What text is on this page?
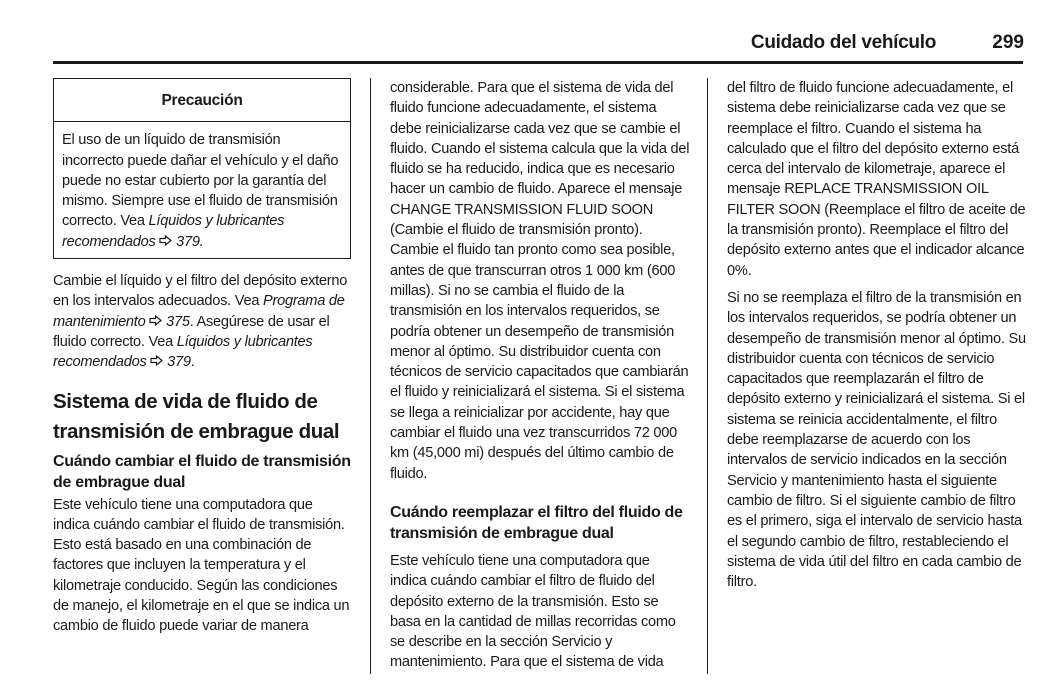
Cuidado del vehículo	299
Precaución
El uso de un líquido de transmisión incorrecto puede dañar el vehículo y el daño puede no estar cubierto por la garantía del mismo. Siempre use el fluido de transmisión correcto. Vea Líquidos y lubricantes recomendados 379.

Cambie el líquido y el filtro del depósito externo en los intervalos adecuados. Vea Programa de mantenimiento 375. Asegúrese de usar el fluido correcto. Vea Líquidos y lubricantes recomendados 379.

Sistema de vida de fluido de transmisión de embrague dual
Cuándo cambiar el fluido de transmisión de embrague dual

Este vehículo tiene una computadora que indica cuándo cambiar el fluido de transmisión. Esto está basado en una combinación de factores que incluyen la temperatura y el kilometraje conducido. Según las condiciones de manejo, el kilometraje en el que se indica un cambio de fluido puede variar de manera

considerable. Para que el sistema de vida del fluido funcione adecuadamente, el sistema debe reinicializarse cada vez que se cambie el fluido. Cuando el sistema calcula que la vida del fluido se ha reducido, indica que es necesario hacer un cambio de fluido. Aparece el mensaje CHANGE TRANSMISSION FLUID SOON (Cambie el fluido de transmisión pronto). Cambie el fluido tan pronto como sea posible, antes de que transcurran otros 1 000 km (600 millas). Si no se cambia el fluido de la transmisión en los intervalos requeridos, se podría obtener un desempeño de transmisión menor al óptimo. Su distribuidor cuenta con técnicos de servicio capacitados que cambiarán el fluido y reinicializará el sistema. Si el sistema se llega a reinicializar por accidente, hay que cambiar el fluido una vez transcurridos 72 000 km (45,000 mi) después del último cambio de fluido.

Cuándo reemplazar el filtro del fluido de transmisión de embrague dual

Este vehículo tiene una computadora que indica cuándo cambiar el filtro de fluido del depósito externo de la transmisión. Esto se basa en la cantidad de millas recorridas como se describe en la sección Servicio y mantenimiento. Para que el sistema de vida

del filtro de fluido funcione adecuadamente, el sistema debe reinicializarse cada vez que se reemplace el filtro. Cuando el sistema ha calculado que el filtro del depósito externo está cerca del intervalo de kilometraje, aparece el mensaje REPLACE TRANSMISSION OIL FILTER SOON (Reemplace el filtro de aceite de la transmisión pronto). Reemplace el filtro del depósito externo antes que el indicador alcance 0%.

Si no se reemplaza el filtro de la transmisión en los intervalos requeridos, se podría obtener un desempeño de transmisión menor al óptimo. Su distribuidor cuenta con técnicos de servicio capacitados que reemplazarán el filtro de depósito externo y reinicializará el sistema. Si el sistema se reinicia accidentalmente, el filtro debe reemplazarse de acuerdo con los intervalos de servicio indicados en la sección Servicio y mantenimiento hasta el siguiente cambio de filtro. Si el siguiente cambio de filtro es el primero, siga el intervalo de servicio hasta el segundo cambio de filtro, restableciendo el sistema de vida útil del filtro en cada cambio de filtro.
